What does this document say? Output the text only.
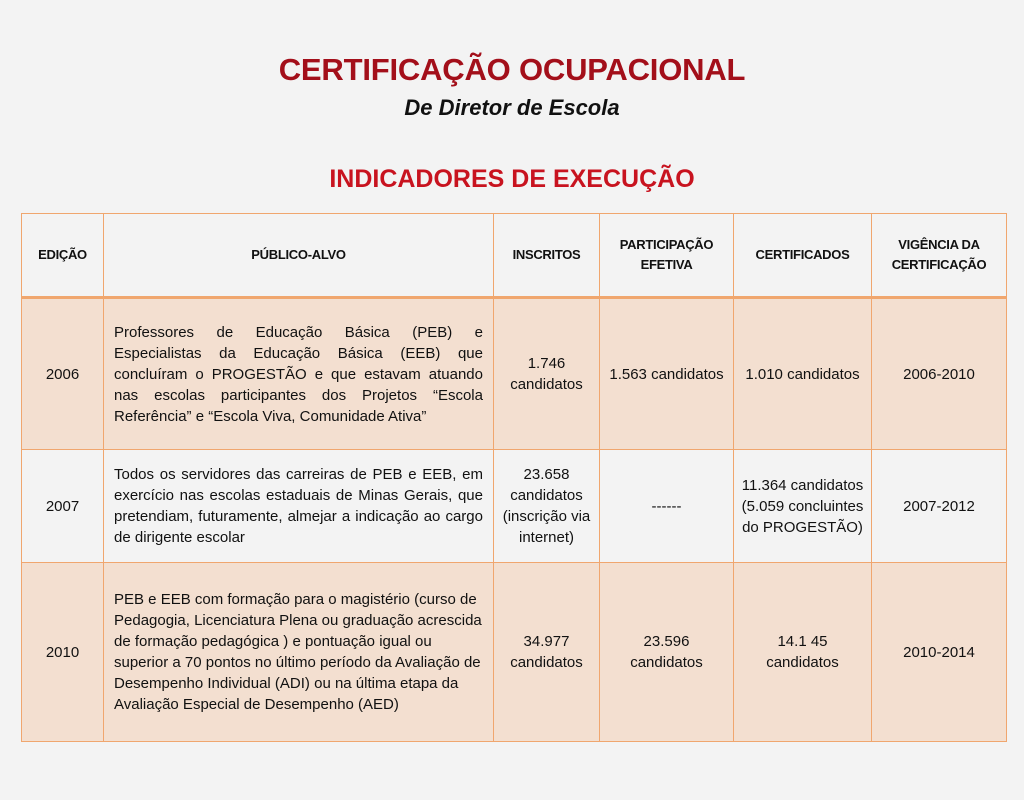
CERTIFICAÇÃO OCUPACIONAL
De Diretor de Escola
INDICADORES DE EXECUÇÃO
EDIÇÃO	PÚBLICO-ALVO	INSCRITOS	PARTICIPAÇÃO EFETIVA	CERTIFICADOS	VIGÊNCIA DA CERTIFICAÇÃO
2006	Professores de Educação Básica (PEB) e Especialistas da Educação Básica (EEB) que concluíram o PROGESTÃO e que estavam atuando nas escolas participantes dos Projetos “Escola Referência” e “Escola Viva, Comunidade Ativa”	1.746 candidatos	1.563 candidatos	1.010 candidatos	2006-2010
2007	Todos os servidores das carreiras de PEB e EEB, em exercício nas escolas estaduais de Minas Gerais, que pretendiam, futuramente, almejar a indicação ao cargo de dirigente escolar	23.658 candidatos (inscrição via internet)	------	11.364 candidatos (5.059 concluintes do PROGESTÃO)	2007-2012
2010	PEB e EEB com formação para o magistério (curso de Pedagogia, Licenciatura Plena ou graduação acrescida de formação pedagógica ) e pontuação igual ou superior a 70 pontos no último período da Avaliação de Desempenho Individual (ADI) ou na última etapa da Avaliação Especial de Desempenho (AED)	34.977 candidatos	23.596 candidatos	14.1 45 candidatos	2010-2014
